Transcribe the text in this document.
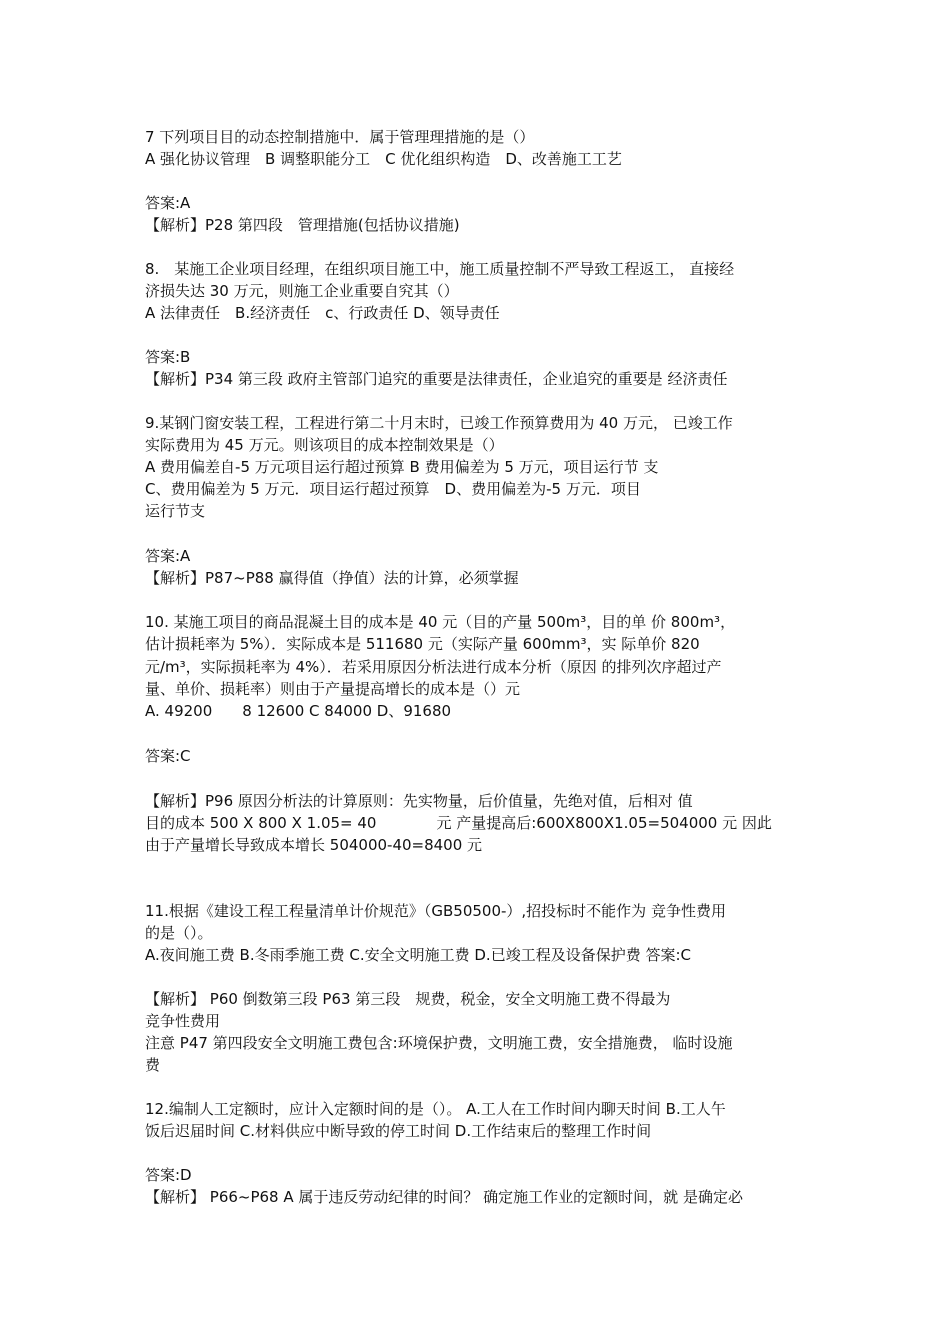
7 下列项目目的动态控制措施中．属于管理理措施的是（）
A 强化协议管理　B 调整职能分工　C 优化组织构造　D、改善施工工艺
答案:A
【解析】P28 第四段　管理措施(包括协议措施)
8.　某施工企业项目经理，在组织项目施工中，施工质量控制不严导致工程返工， 直接经
济损失达 30 万元，则施工企业重要自究其（）
A 法律责任　B.经济责任　c、行政责任 D、领导责任
答案:B
【解析】P34 第三段 政府主管部门追究的重要是法律责任，企业追究的重要是 经济责任
9.某钢门窗安装工程，工程进行第二十月末时，已竣工作预算费用为 40 万元， 已竣工作
实际费用为 45 万元。则该项目的成本控制效果是（）
A 费用偏差自-5 万元项目运行超过预算 B 费用偏差为 5 万元，项目运行节 支
C、费用偏差为 5 万元．项目运行超过预算　D、费用偏差为-5 万元．项目
运行节支
答案:A
【解析】P87~P88 赢得值（挣值）法的计算，必须掌握
10. 某施工项目的商品混凝土目的成本是 40 元（目的产量 500m³，目的单 价 800m³，
估计损耗率为 5%）．实际成本是 511680 元（实际产量 600mm³，实 际单价 820
元/m³，实际损耗率为 4%）．若采用原因分析法进行成本分析（原因 的排列次序超过产
量、单价、损耗率）则由于产量提高增长的成本是（）元
A. 49200　　8 12600 C 84000 D、91680
答案:C
【解析】P96 原因分析法的计算原则：先实物量，后价值量，先绝对值，后相对 值
目的成本 500 X 800 X 1.05= 40　　　　元 产量提高后:600X800X1.05=504000 元 因此
由于产量增长导致成本增长 504000-40=8400 元
11.根据《建设工程工程量清单计价规范》（GB50500-）,招投标时不能作为 竞争性费用
的是（）。
A.夜间施工费 B.冬雨季施工费 C.安全文明施工费 D.已竣工程及设备保护费 答案:C
【解析】 P60 倒数第三段 P63 第三段　规费，税金，安全文明施工费不得最为
竞争性费用
注意 P47 第四段安全文明施工费包含:环境保护费，文明施工费，安全措施费， 临时设施
费
12.编制人工定额时，应计入定额时间的是（）。 A.工人在工作时间内聊天时间 B.工人午
饭后迟届时间 C.材料供应中断导致的停工时间 D.工作结束后的整理工作时间
答案:D
【解析】 P66~P68 A 属于违反劳动纪律的时间？ 确定施工作业的定额时间，就 是确定必
